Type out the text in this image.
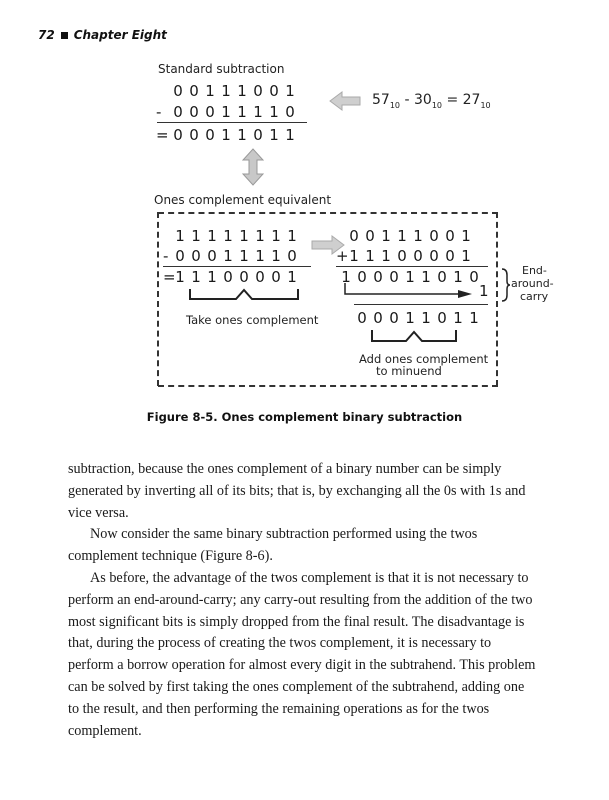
72 Chapter Eight
Standard subtraction
0 0 1 1 1 0 0 1
- 0 0 0 1 1 1 1 0
= 0 0 0 1 1 0 1 1
$57_{10} - 30_{10} = 27_{10}$
Ones complement equivalent
1 1 1 1 1 1 1 1
- 0 0 0 1 1 1 1 0
= 1 1 1 0 0 0 0 1
Take ones complement
0 0 1 1 1 0 0 1
+ 1 1 1 0 0 0 0 1
1 0 0 0 1 1 0 1 0
1
0 0 0 1 1 0 1 1
Add ones complement
to minuend
End-
around-
carry
Figure 8-5. Ones complement binary subtraction

subtraction, because the ones complement of a binary number can be simply generated by inverting all of its bits; that is, by exchanging all the 0s with 1s and vice versa.

Now consider the same binary subtraction performed using the twos complement technique (Figure 8-6).

As before, the advantage of the twos complement is that it is not necessary to perform an end-around-carry; any carry-out resulting from the addition of the two most significant bits is simply dropped from the final result. The disadvantage is that, during the process of creating the twos complement, it is necessary to perform a borrow operation for almost every digit in the subtrahend. This problem can be solved by first taking the ones complement of the subtrahend, adding one to the result, and then performing the remaining operations as for the twos complement.
